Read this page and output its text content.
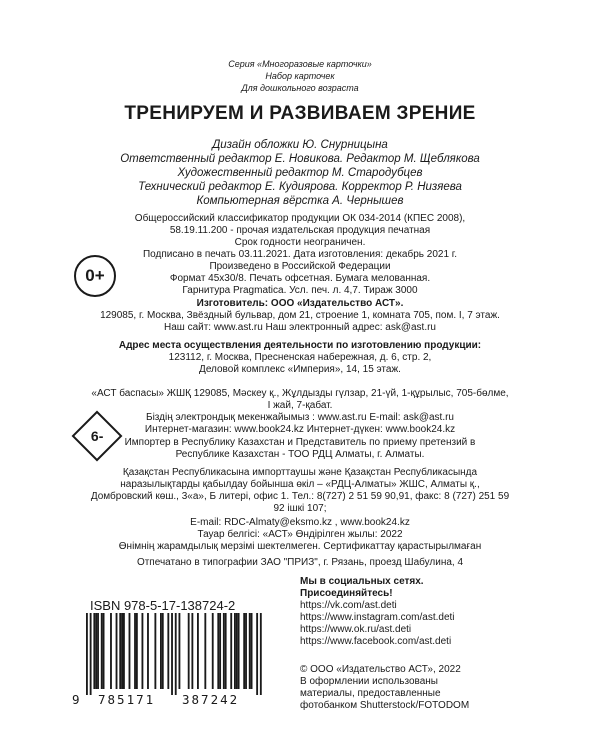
Серия «Многоразовые карточки»
Набор карточек
Для дошкольного возраста
ТРЕНИРУЕМ И РАЗВИВАЕМ ЗРЕНИЕ
Дизайн обложки Ю. Снурницына
Ответственный редактор Е. Новикова. Редактор М. Щеблякова
Художественный редактор М. Стародубцев
Технический редактор Е. Кудиярова. Корректор Р. Низяева
Компьютерная вёрстка А. Чернышев
Общероссийский классификатор продукции ОК 034-2014 (КПЕС 2008),
58.19.11.200 - прочая издательская продукция печатная
Срок годности неограничен.
Подписано в печать 03.11.2021. Дата изготовления: декабрь 2021 г.
Произведено в Российской Федерации
Формат 45x30/8. Печать офсетная. Бумага мелованная.
Гарнитура Pragmatica. Усл. печ. л. 4,7. Тираж 3000
0+
Изготовитель: ООО «Издательство АСТ».
129085, г. Москва, Звёздный бульвар, дом 21, строение 1, комната 705, пом. I, 7 этаж.
Наш сайт: www.ast.ru Наш электронный адрес: ask@ast.ru
Адрес места осуществления деятельности по изготовлению продукции:
123112, г. Москва, Пресненская набережная, д. 6, стр. 2,
Деловой комплекс «Империя», 14, 15 этаж.
«АСТ баспасы» ЖШҚ 129085, Мәскеу қ., Жұлдызды гүлзар, 21-үй, 1-құрылыс, 705-бөлме,
I жай, 7-қабат.
Біздің электрондық мекенжайымыз : www.ast.ru E-mail: ask@ast.ru
Интернет-магазин: www.book24.kz Интернет-дүкен: www.book24.kz
Импортер в Республику Казахстан и Представитель по приему претензий в
Республике Казахстан - ТОО РДЦ Алматы, г. Алматы.
Қазақстан Республикасына импорттаушы және Қазақстан Республикасында
наразылықтарды қабылдау бойынша өкіл – «РДЦ-Алматы» ЖШС, Алматы қ.,
Домбровский көш., 3«а», Б литері, офис 1. Тел.: 8(727) 2 51 59 90,91, факс: 8 (727) 251 59
92 ішкі 107;
E-mail: RDC-Almaty@eksmo.kz , www.book24.kz
Тауар белгісі: «АСТ» Өндірілген жылы: 2022
Өнімнің жарамдылық мерзімі шектелмеген. Сертификаттау қарастырылмаған
6-
Отпечатано в типографии ЗАО "ПРИЗ", г. Рязань, проезд Шабулина, 4
ISBN 978-5-17-138724-2
9 785171 387242
Мы в социальных сетях.
Присоединяйтесь!
https://vk.com/ast.deti
https://www.instagram.com/ast.deti
https://www.ok.ru/ast.deti
https://www.facebook.com/ast.deti
© ООО «Издательство АСТ», 2022
В оформлении использованы
материалы, предоставленные
фотобанком Shutterstock/FOTODOM
